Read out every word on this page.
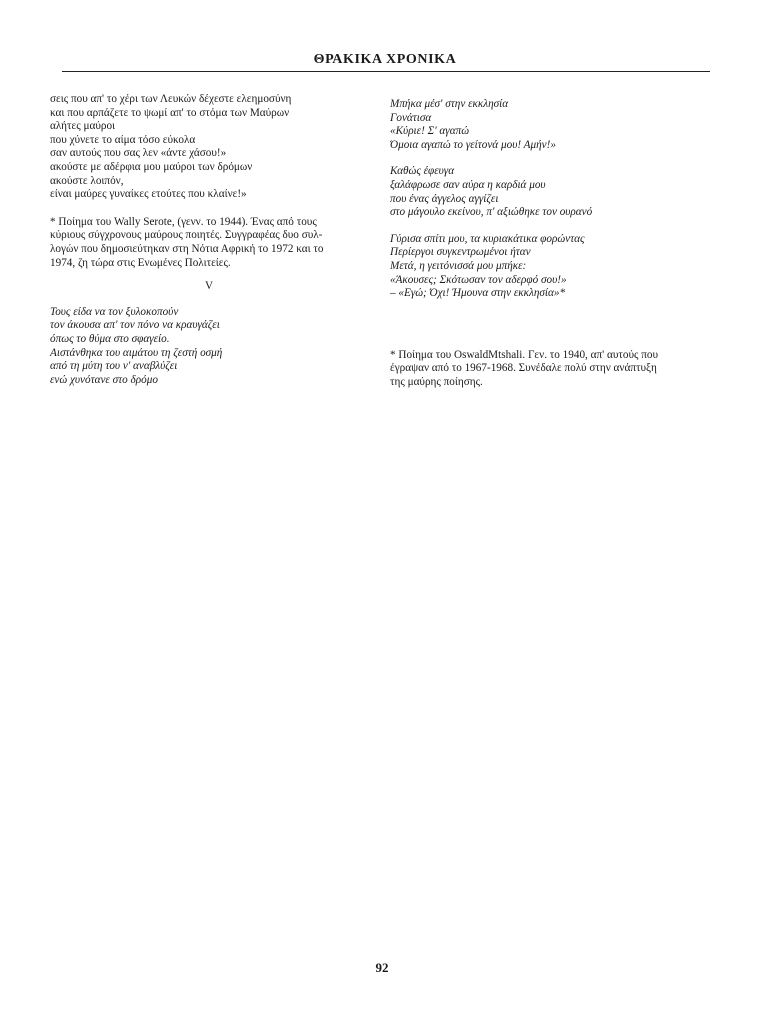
ΘΡΑΚΙΚΑ ΧΡΟΝΙΚΑ
σεις που απ' το χέρι των Λευκών δέχεστε ελεημοσύνη
και που αρπάζετε το ψωμί απ' το στόμα των Μαύρων
αλήτες μαύροι
που χύνετε το αίμα τόσο εύκολα
σαν αυτούς που σας λεν «άντε χάσου!»
ακούστε με αδέρφια μου μαύροι των δρόμων
ακούστε λοιπόν,
είναι μαύρες γυναίκες ετούτες που κλαίνε!»
* Ποίημα του Wally Serote, (γενν. το 1944). Ένας από τους
κύριους σύγχρονους μαύρους ποιητές. Συγγραφέας δυο συλ-
λογών που δημοσιεύτηκαν στη Νότια Αφρική το 1972 και το
1974, ζη τώρα στις Ενωμένες Πολιτείες.
V
Τους είδα να τον ξυλοκοπούν
τον άκουσα απ' τον πόνο να κραυγάζει
όπως το θύμα στο σφαγείο.
Αιστάνθηκα του αιμάτου τη ζεστή οσμή
από τη μύτη του ν' αναβλύζει
ενώ χυνότανε στο δρόμο
Μπήκα μέσ' στην εκκλησία
Γονάτισα
«Κύριε! Σ' αγαπώ
Όμοια αγαπώ το γείτονά μου! Αμήν!»
Καθώς έφευγα
ξαλάφρωσε σαν αύρα η καρδιά μου
που ένας άγγελος αγγίζει
στο μάγουλο εκείνου, π' αξιώθηκε τον ουρανό
Γύρισα σπίτι μου, τα κυριακάτικα φορώντας
Περίεργοι συγκεντρωμένοι ήταν
Μετά, η γειτόνισσά μου μπήκε:
«Άκουσες; Σκότωσαν τον αδερφό σου!»
– «Εγώ; Όχι! Ήμουνα στην εκκλησία»*
* Ποίημα του OswaldMtshali. Γεν. το 1940, απ' αυτούς που
έγραψαν από το 1967-1968. Συνέδαλε πολύ στην ανάπτυξη
της μαύρης ποίησης.
92
